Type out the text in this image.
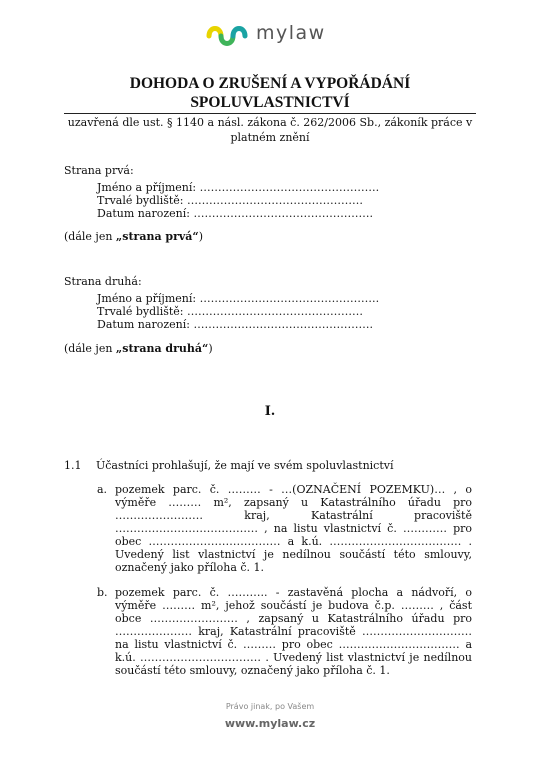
mylaw
DOHODA O ZRUŠENÍ A VYPOŘÁDÁNÍ
SPOLUVLASTNICTVÍ
uzavřená dle ust. § 1140 a násl. zákona č. 262/2006 Sb., zákoník práce v
platném znění
Strana prvá:
Jméno a příjmení: ………………………………………….
Trvalé bydliště: …………………………………………
Datum narození: ………………………………………….
(dále jen „strana prvá“)
Strana druhá:
Jméno a příjmení: ………………………………………….
Trvalé bydliště: …………………………………………
Datum narození: ………………………………………….
(dále jen „strana druhá“)
I.
1.1 Účastníci prohlašují, že mají ve svém spoluvlastnictví
a. pozemek parc. č. ……… - …(OZNAČENÍ POZEMKU)… , o výměře ……… m², zapsaný u Katastrálního úřadu pro …………………… kraj, Katastrální pracoviště ………………………………… , na listu vlastnictví č. ………… pro obec ……………………………… a k.ú. ……………………………… . Uvedený list vlastnictví je nedílnou součástí této smlouvy, označený jako příloha č. 1.
b. pozemek parc. č. ……….. - zastavěná plocha a nádvoří, o výměře ……… m², jehož součástí je budova č.p. ……… , část obce …………………… , zapsaný u Katastrálního úřadu pro ………………… kraj, Katastrální pracoviště ………………………… na listu vlastnictví č. ……… pro obec …………………………… a k.ú. …………………………… . Uvedený list vlastnictví je nedílnou součástí této smlouvy, označený jako příloha č. 1.
Právo jinak, po Vašem
www.mylaw.cz
